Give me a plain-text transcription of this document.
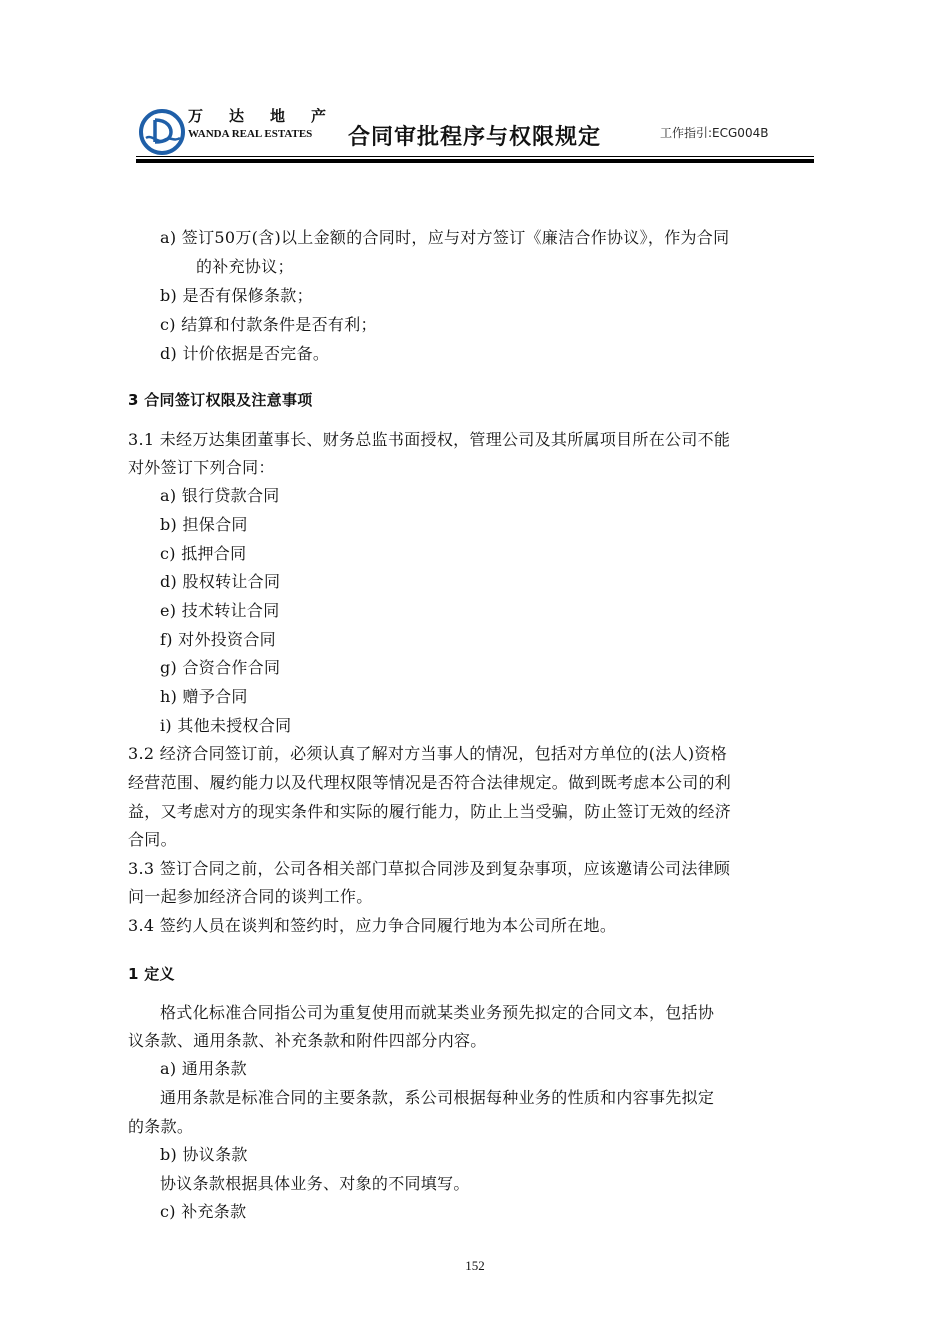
万 达 地 产
WANDA REAL ESTATES 合同审批程序与权限规定	工作指引:ECG004B
a) 签订50万(含)以上金额的合同时，应与对方签订《廉洁合作协议》，作为合同
的补充协议；
b) 是否有保修条款；
c) 结算和付款条件是否有利；
d) 计价依据是否完备。
3 合同签订权限及注意事项
3.1 未经万达集团董事长、财务总监书面授权，管理公司及其所属项目所在公司不能
对外签订下列合同：
a) 银行贷款合同
b) 担保合同
c) 抵押合同
d) 股权转让合同
e) 技术转让合同
f) 对外投资合同
g) 合资合作合同
h) 赠予合同
i) 其他未授权合同
3.2 经济合同签订前，必须认真了解对方当事人的情况，包括对方单位的(法人)资格
经营范围、履约能力以及代理权限等情况是否符合法律规定。做到既考虑本公司的利
益，又考虑对方的现实条件和实际的履行能力，防止上当受骗，防止签订无效的经济
合同。
3.3 签订合同之前，公司各相关部门草拟合同涉及到复杂事项，应该邀请公司法律顾
问一起参加经济合同的谈判工作。
3.4 签约人员在谈判和签约时，应力争合同履行地为本公司所在地。
1 定义
格式化标准合同指公司为重复使用而就某类业务预先拟定的合同文本，包括协
议条款、通用条款、补充条款和附件四部分内容。
a) 通用条款
通用条款是标准合同的主要条款，系公司根据每种业务的性质和内容事先拟定
的条款。
b) 协议条款
协议条款根据具体业务、对象的不同填写。
c) 补充条款
152
